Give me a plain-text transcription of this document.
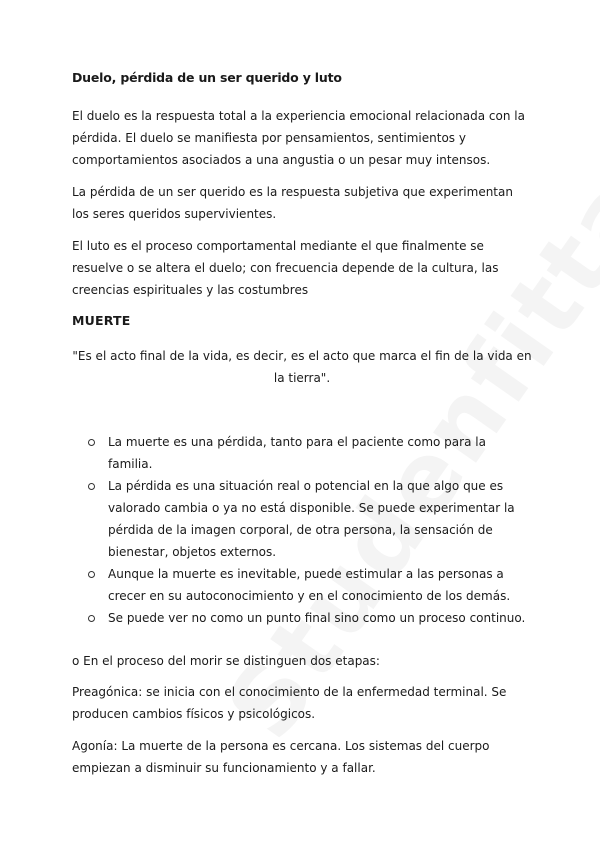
Duelo, pérdida de un ser querido y luto

El duelo es la respuesta total a la experiencia emocional relacionada con la pérdida. El duelo se manifiesta por pensamientos, sentimientos y comportamientos asociados a una angustia o un pesar muy intensos.

La pérdida de un ser querido es la respuesta subjetiva que experimentan los seres queridos supervivientes.

El luto es el proceso comportamental mediante el que finalmente se resuelve o se altera el duelo; con frecuencia depende de la cultura, las creencias espirituales y las costumbres

MUERTE

"Es el acto final de la vida, es decir, es el acto que marca el fin de la vida en la tierra".

La muerte es una pérdida, tanto para el paciente como para la familia.
La pérdida es una situación real o potencial en la que algo que es valorado cambia o ya no está disponible. Se puede experimentar la pérdida de la imagen corporal, de otra persona, la sensación de bienestar, objetos externos.
Aunque la muerte es inevitable, puede estimular a las personas a crecer en su autoconocimiento y en el conocimiento de los demás.
Se puede ver no como un punto final sino como un proceso continuo.

o En el proceso del morir se distinguen dos etapas:

Preagónica: se inicia con el conocimiento de la enfermedad terminal. Se producen cambios físicos y psicológicos.

Agonía: La muerte de la persona es cercana. Los sistemas del cuerpo empiezan a disminuir su funcionamiento y a fallar.
